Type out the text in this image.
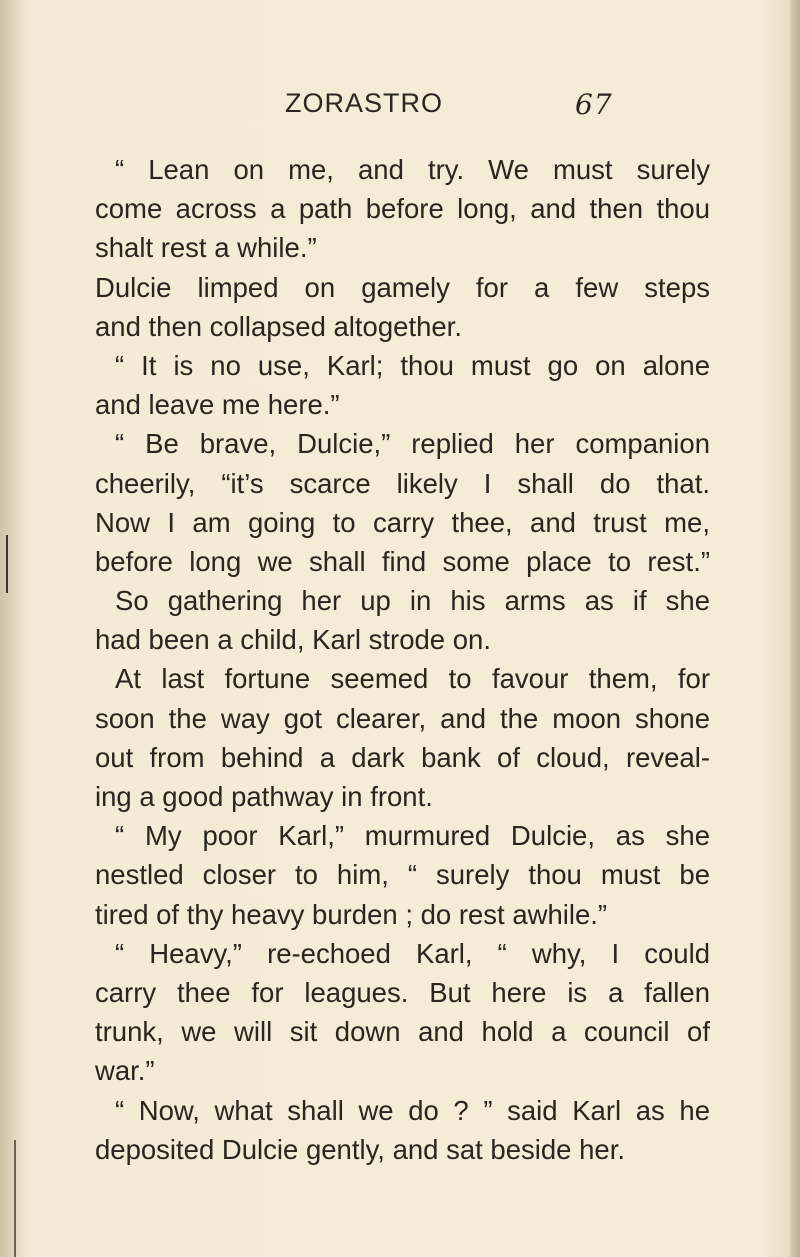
ZORASTRO	67
“ Lean on me, and try. We must surely
come across a path before long, and then thou
shalt rest a while.”
Dulcie limped on gamely for a few steps
and then collapsed altogether.
“ It is no use, Karl; thou must go on alone
and leave me here.”
“ Be brave, Dulcie,” replied her companion
cheerily, “it’s scarce likely I shall do that.
Now I am going to carry thee, and trust me,
before long we shall find some place to rest.”
So gathering her up in his arms as if she
had been a child, Karl strode on.
At last fortune seemed to favour them, for
soon the way got clearer, and the moon shone
out from behind a dark bank of cloud, reveal-
ing a good pathway in front.
“ My poor Karl,” murmured Dulcie, as she
nestled closer to him, “ surely thou must be
tired of thy heavy burden ; do rest awhile.”
“ Heavy,” re-echoed Karl, “ why, I could
carry thee for leagues. But here is a fallen
trunk, we will sit down and hold a council of
war.”
“ Now, what shall we do ? ” said Karl as he
deposited Dulcie gently, and sat beside her.
